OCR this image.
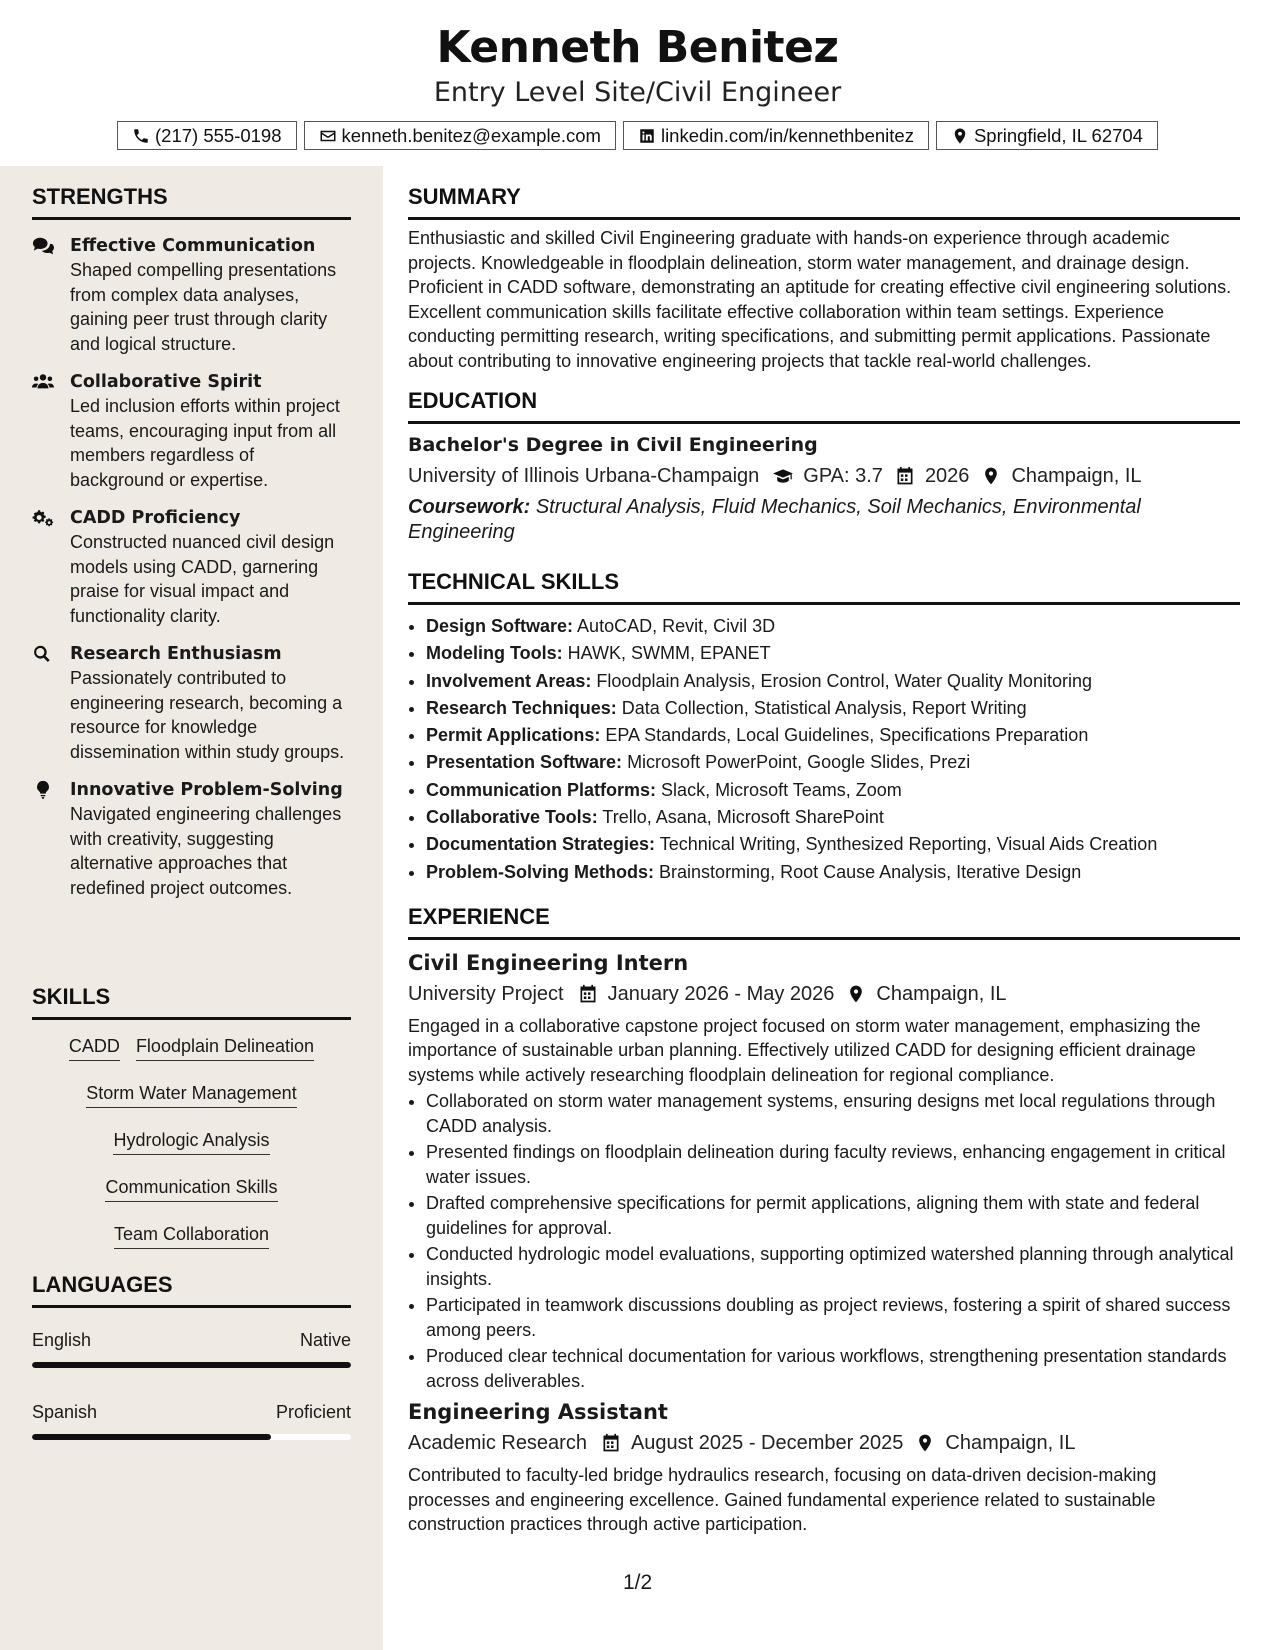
Kenneth Benitez
Entry Level Site/Civil Engineer
(217) 555-0198	kenneth.benitez@example.com	linkedin.com/in/kennethbenitez	Springfield, IL 62704
STRENGTHS
Effective Communication
Shaped compelling presentations from complex data analyses, gaining peer trust through clarity and logical structure.
Collaborative Spirit
Led inclusion efforts within project teams, encouraging input from all members regardless of background or expertise.
CADD Proficiency
Constructed nuanced civil design models using CADD, garnering praise for visual impact and functionality clarity.
Research Enthusiasm
Passionately contributed to engineering research, becoming a resource for knowledge dissemination within study groups.
Innovative Problem-Solving
Navigated engineering challenges with creativity, suggesting alternative approaches that redefined project outcomes.
SKILLS
CADD Floodplain Delineation
Storm Water Management
Hydrologic Analysis
Communication Skills
Team Collaboration
LANGUAGES
English	Native
Spanish	Proficient
SUMMARY
Enthusiastic and skilled Civil Engineering graduate with hands-on experience through academic projects. Knowledgeable in floodplain delineation, storm water management, and drainage design. Proficient in CADD software, demonstrating an aptitude for creating effective civil engineering solutions. Excellent communication skills facilitate effective collaboration within team settings. Experience conducting permitting research, writing specifications, and submitting permit applications. Passionate about contributing to innovative engineering projects that tackle real-world challenges.
EDUCATION
Bachelor's Degree in Civil Engineering
University of Illinois Urbana-Champaign GPA: 3.7 2026 Champaign, IL
Coursework: Structural Analysis, Fluid Mechanics, Soil Mechanics, Environmental Engineering
TECHNICAL SKILLS
• Design Software: AutoCAD, Revit, Civil 3D
• Modeling Tools: HAWK, SWMM, EPANET
• Involvement Areas: Floodplain Analysis, Erosion Control, Water Quality Monitoring
• Research Techniques: Data Collection, Statistical Analysis, Report Writing
• Permit Applications: EPA Standards, Local Guidelines, Specifications Preparation
• Presentation Software: Microsoft PowerPoint, Google Slides, Prezi
• Communication Platforms: Slack, Microsoft Teams, Zoom
• Collaborative Tools: Trello, Asana, Microsoft SharePoint
• Documentation Strategies: Technical Writing, Synthesized Reporting, Visual Aids Creation
• Problem-Solving Methods: Brainstorming, Root Cause Analysis, Iterative Design
EXPERIENCE
Civil Engineering Intern
University Project January 2026 - May 2026 Champaign, IL
Engaged in a collaborative capstone project focused on storm water management, emphasizing the importance of sustainable urban planning. Effectively utilized CADD for designing efficient drainage systems while actively researching floodplain delineation for regional compliance.
• Collaborated on storm water management systems, ensuring designs met local regulations through CADD analysis.
• Presented findings on floodplain delineation during faculty reviews, enhancing engagement in critical water issues.
• Drafted comprehensive specifications for permit applications, aligning them with state and federal guidelines for approval.
• Conducted hydrologic model evaluations, supporting optimized watershed planning through analytical insights.
• Participated in teamwork discussions doubling as project reviews, fostering a spirit of shared success among peers.
• Produced clear technical documentation for various workflows, strengthening presentation standards across deliverables.
Engineering Assistant
Academic Research August 2025 - December 2025 Champaign, IL
Contributed to faculty-led bridge hydraulics research, focusing on data-driven decision-making processes and engineering excellence. Gained fundamental experience related to sustainable construction practices through active participation.
1/2
